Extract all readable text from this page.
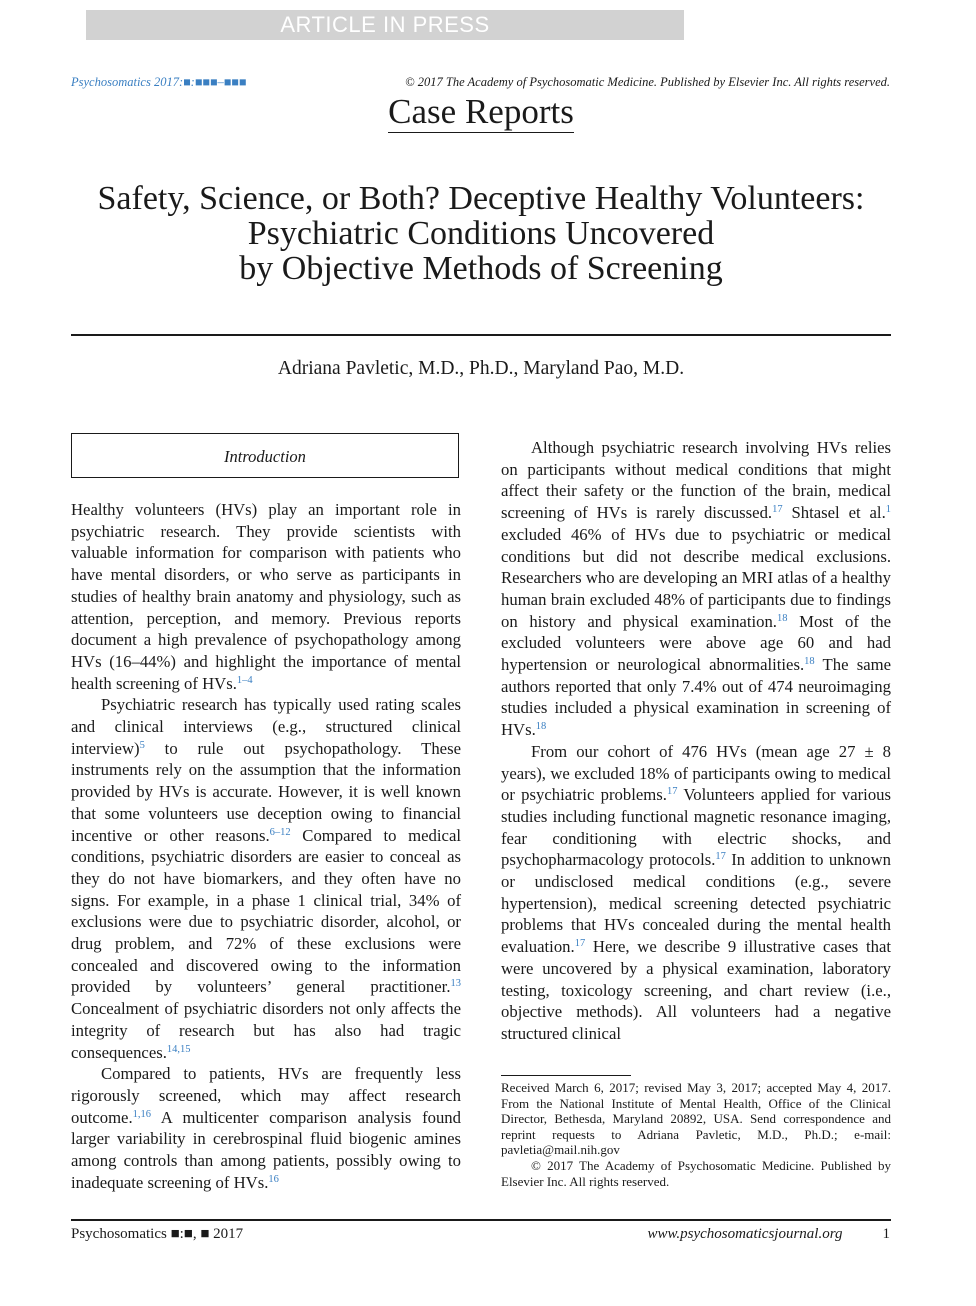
ARTICLE IN PRESS
Psychosomatics 2017:■:■■■–■■■	© 2017 The Academy of Psychosomatic Medicine. Published by Elsevier Inc. All rights reserved.
Case Reports
Safety, Science, or Both? Deceptive Healthy Volunteers:
Psychiatric Conditions Uncovered
by Objective Methods of Screening
Adriana Pavletic, M.D., Ph.D., Maryland Pao, M.D.
Introduction

Healthy volunteers (HVs) play an important role in psychiatric research. They provide scientists with valuable information for comparison with patients who have mental disorders, or who serve as participants in studies of healthy brain anatomy and physiology, such as attention, perception, and memory. Previous reports document a high prevalence of psychopathology among HVs (16–44%) and highlight the importance of mental health screening of HVs.$^{1-4}$

Psychiatric research has typically used rating scales and clinical interviews (e.g., structured clinical interview)$^5$ to rule out psychopathology. These instruments rely on the assumption that the information provided by HVs is accurate. However, it is well known that some volunteers use deception owing to financial incentive or other reasons.$^{6-12}$ Compared to medical conditions, psychiatric disorders are easier to conceal as they do not have biomarkers, and they often have no signs. For example, in a phase 1 clinical trial, 34% of exclusions were due to psychiatric disorder, alcohol, or drug problem, and 72% of these exclusions were concealed and discovered owing to the information provided by volunteers’ general practitioner.$^{13}$ Concealment of psychiatric disorders not only affects the integrity of research but has also had tragic consequences.$^{14,15}$

Compared to patients, HVs are frequently less rigorously screened, which may affect research outcome.$^{1,16}$ A multicenter comparison analysis found larger variability in cerebrospinal fluid biogenic amines among controls than among patients, possibly owing to inadequate screening of HVs.$^{16}$

Although psychiatric research involving HVs relies on participants without medical conditions that might affect their safety or the function of the brain, medical screening of HVs is rarely discussed.$^{17}$ Shtasel et al.$^1$ excluded 46% of HVs due to psychiatric or medical conditions but did not describe medical exclusions. Researchers who are developing an MRI atlas of a healthy human brain excluded 48% of participants due to findings on history and physical examination.$^{18}$ Most of the excluded volunteers were above age 60 and had hypertension or neurological abnormalities.$^{18}$ The same authors reported that only 7.4% out of 474 neuroimaging studies included a physical examination in screening of HVs.$^{18}$

From our cohort of 476 HVs (mean age 27 ± 8 years), we excluded 18% of participants owing to medical or psychiatric problems.$^{17}$ Volunteers applied for various studies including functional magnetic resonance imaging, fear conditioning with electric shocks, and psychopharmacology protocols.$^{17}$ In addition to unknown or undisclosed medical conditions (e.g., severe hypertension), medical screening detected psychiatric problems that HVs concealed during the mental health evaluation.$^{17}$ Here, we describe 9 illustrative cases that were uncovered by a physical examination, laboratory testing, toxicology screening, and chart review (i.e., objective methods). All volunteers had a negative structured clinical

Received March 6, 2017; revised May 3, 2017; accepted May 4, 2017. From the National Institute of Mental Health, Office of the Clinical Director, Bethesda, Maryland 20892, USA. Send correspondence and reprint requests to Adriana Pavletic, M.D., Ph.D.; e-mail: pavletia@mail.nih.gov

© 2017 The Academy of Psychosomatic Medicine. Published by Elsevier Inc. All rights reserved.

Psychosomatics ■:■, ■ 2017	www.psychosomaticsjournal.org	1
